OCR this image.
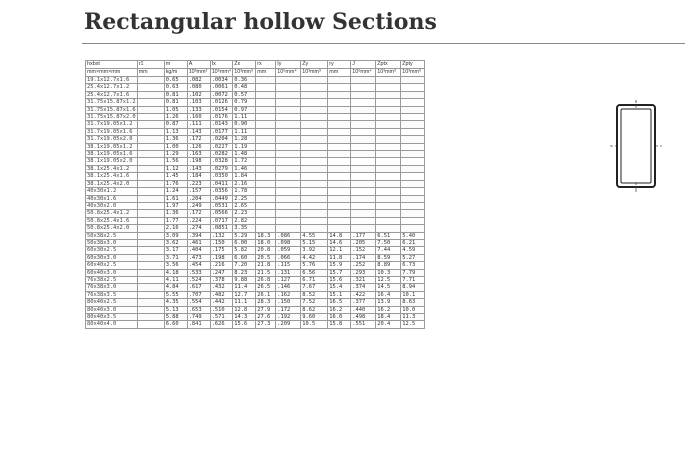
Rectangular hollow Sections
hxbxt	r1	m	A	Ix	Zx	rx	Iy	Zy	ry	J	Zptx	Zpty
mm×mm×mm	mm	kg/m	10³mm²	10⁶mm⁴	10³mm³	mm	10⁶mm⁴	10³mm³	mm	10⁶mm⁴	10³mm³	10³mm³
19.1x12.7x1.6		0.65	.082	.0034	0.36							
25.4x12.7x1.2		0.63	.080	.0061	0.48							
25.4x12.7x1.6		0.81	.102	.0072	0.57							
31.75x15.87x1.2		0.81	.103	.0126	0.79							
31.75x15.87x1.6		1.05	.133	.0154	0.97							
31.75x15.87x2.0		1.26	.160	.0176	1.11							
31.7x19.05x1.2		0.87	.111	.0143	0.90							
31.7x19.05x1.6		1.13	.143	.0177	1.11							
31.7x19.05x2.0		1.36	.172	.0204	1.28							
38.1x19.05x1.2		1.00	.126	.0227	1.19							
38.1x19.05x1.6		1.29	.163	.0282	1.48							
38.1x19.05x2.0		1.56	.198	.0328	1.72							
38.1x25.4x1.2		1.12	.143	.0279	1.46							
38.1x25.4x1.6		1.45	.184	.0350	1.84							
38.1x25.4x2.0		1.76	.223	.0411	2.16							
40x30x1.2		1.24	.157	.0356	1.78							
40x30x1.6		1.61	.204	.0449	2.25							
40x30x2.0		1.97	.249	.0531	2.65							
50.8x25.4x1.2		1.36	.172	.0566	2.23							
50.8x25.4x1.6		1.77	.224	.0717	2.82							
50.8x25.4x2.0		2.16	.274	.0851	3.35							
50x38x2.5		3.09	.394	.132	5.29	18.3	.086	4.55	14.8	.177	6.51	5.40
50x38x3.0		3.62	.461	.150	6.00	18.0	.098	5.15	14.6	.205	7.50	6.21
60x30x2.5		3.17	.404	.175	5.82	20.8	.059	3.92	12.1	.152	7.44	4.59
60x30x3.0		3.71	.473	.198	6.60	20.5	.066	4.42	11.8	.174	8.59	5.27
60x40x2.5		3.56	.454	.216	7.20	21.8	.115	5.76	15.9	.252	8.89	6.73
60x40x3.0		4.18	.533	.247	8.23	21.5	.131	6.56	15.7	.293	10.3	7.79
76x38x2.5		4.11	.524	.378	9.88	26.8	.127	6.71	15.6	.321	12.5	7.71
76x38x3.0		4.84	.617	.432	11.4	26.5	.146	7.67	15.4	.374	14.5	8.94
76x38x3.5		5.55	.707	.482	12.7	26.1	.162	8.52	15.1	.422	16.4	10.1
80x40x2.5		4.35	.554	.442	11.1	28.3	.150	7.52	16.5	.377	13.9	8.63
80x40x3.0		5.13	.653	.510	12.8	27.9	.172	8.62	16.2	.440	16.2	10.0
80x40x3.5		5.88	.749	.571	14.3	27.6	.192	9.60	16.0	.498	18.4	11.3
80x40x4.0		6.60	.841	.626	15.6	27.3	.209	10.5	15.8	.551	20.4	12.5
